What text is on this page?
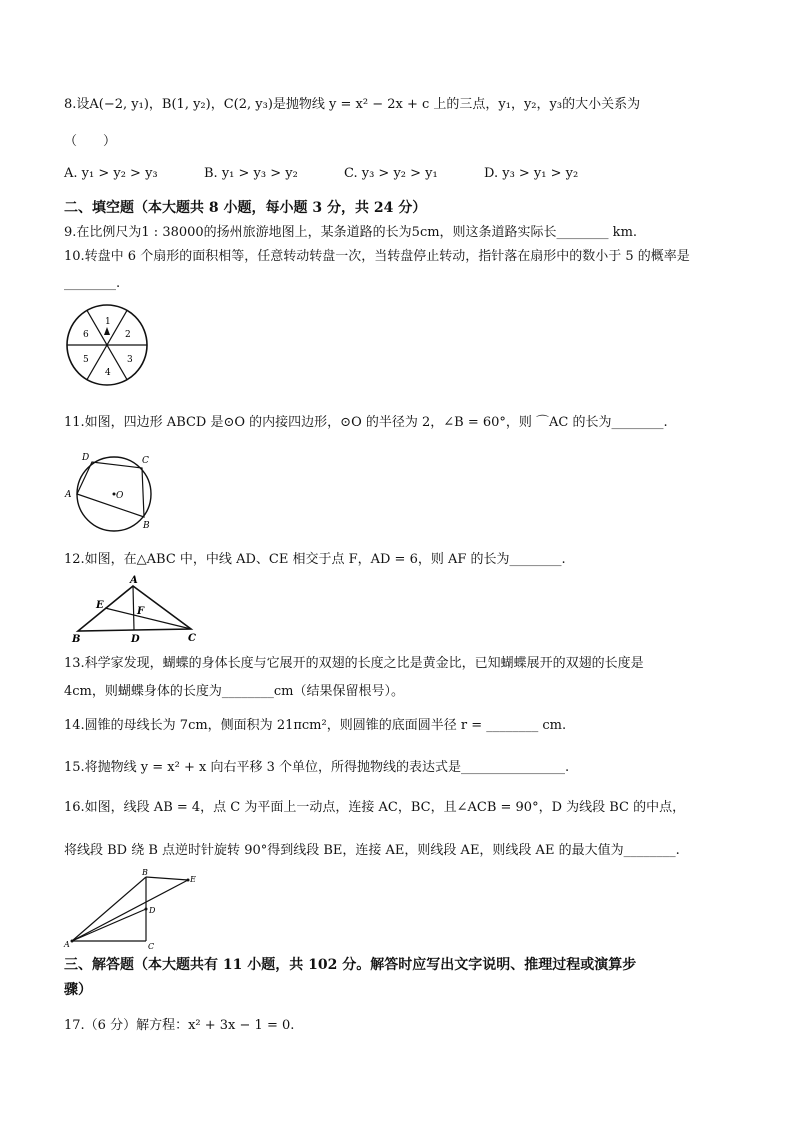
8.设A(−2, y₁)，B(1, y₂)，C(2, y₃)是抛物线 y = x² − 2x + c 上的三点，y₁，y₂，y₃的大小关系为
（　　）
A. y₁ > y₂ > y₃	B. y₁ > y₃ > y₂	C. y₃ > y₂ > y₁	D. y₃ > y₁ > y₂
二、填空题（本大题共 8 小题，每小题 3 分，共 24 分）
9.在比例尺为1 : 38000的扬州旅游地图上，某条道路的长为5cm，则这条道路实际长________ km.
10.转盘中 6 个扇形的面积相等，任意转动转盘一次，当转盘停止转动，指针落在扇形中的数小于 5 的概率是
________.
1
2
3
4
5
6
11.如图，四边形 ABCD 是⊙O 的内接四边形，⊙O 的半径为 2，∠B = 60°，则 ⌒AC 的长为________.
O
A
B
C
D
12.如图，在△ABC 中，中线 AD、CE 相交于点 F，AD = 6，则 AF 的长为________.
A
B	C
D
E
F
13.科学家发现，蝴蝶的身体长度与它展开的双翅的长度之比是黄金比，已知蝴蝶展开的双翅的长度是
4cm，则蝴蝶身体的长度为________cm（结果保留根号）。
14.圆锥的母线长为 7cm，侧面积为 21πcm²，则圆锥的底面圆半径 r = ________ cm.
15.将抛物线 y = x² + x 向右平移 3 个单位，所得抛物线的表达式是________________.
16.如图，线段 AB = 4，点 C 为平面上一动点，连接 AC，BC，且∠ACB = 90°，D 为线段 BC 的中点，
将线段 BD 绕 B 点逆时针旋转 90°得到线段 BE，连接 AE，则线段 AE，则线段 AE 的最大值为________.
A
B
C
D
E
三、解答题（本大题共有 11 小题，共 102 分。解答时应写出文字说明、推理过程或演算步
骤）
17.（6 分）解方程：x² + 3x − 1 = 0.
